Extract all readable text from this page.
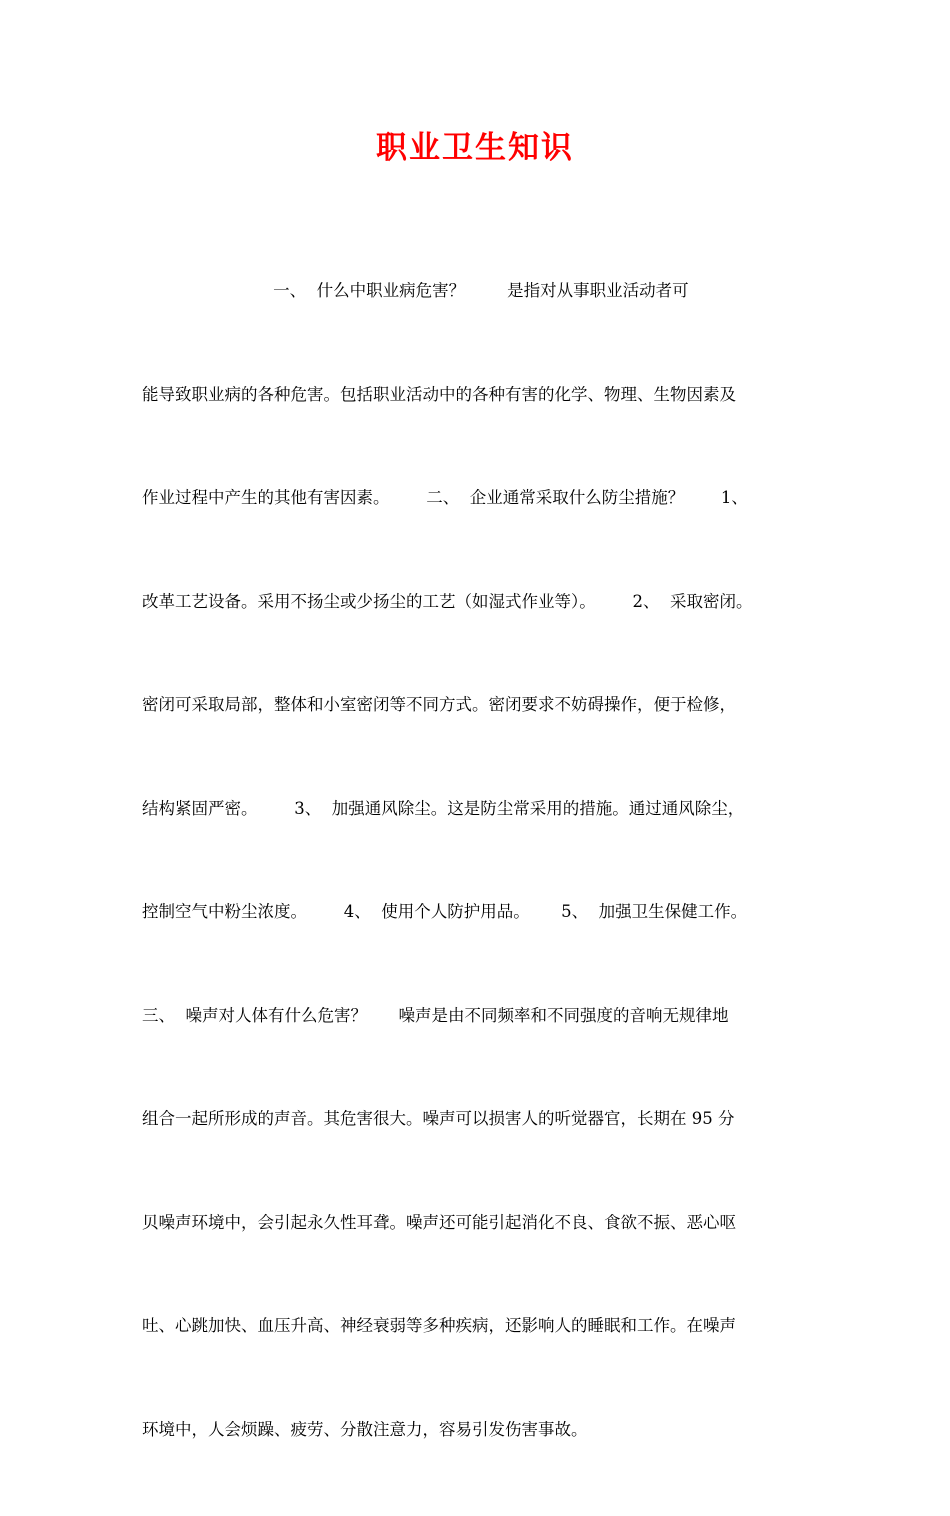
职业卫生知识

一、  什么中职业病危害？        是指对从事职业活动者可

能导致职业病的各种危害。包括职业活动中的各种有害的化学、物理、生物因素及

作业过程中产生的其他有害因素。       二、  企业通常采取什么防尘措施？       1、

改革工艺设备。采用不扬尘或少扬尘的工艺（如湿式作业等）。       2、  采取密闭。

密闭可采取局部，整体和小室密闭等不同方式。密闭要求不妨碍操作，便于检修，

结构紧固严密。       3、  加强通风除尘。这是防尘常采用的措施。通过通风除尘，

控制空气中粉尘浓度。       4、  使用个人防护用品。      5、  加强卫生保健工作。

三、  噪声对人体有什么危害？      噪声是由不同频率和不同强度的音响无规律地

组合一起所形成的声音。其危害很大。噪声可以损害人的听觉器官，长期在 95 分

贝噪声环境中，会引起永久性耳聋。噪声还可能引起消化不良、食欲不振、恶心呕

吐、心跳加快、血压升高、神经衰弱等多种疾病，还影响人的睡眠和工作。在噪声

环境中，人会烦躁、疲劳、分散注意力，容易引发伤害事故。
